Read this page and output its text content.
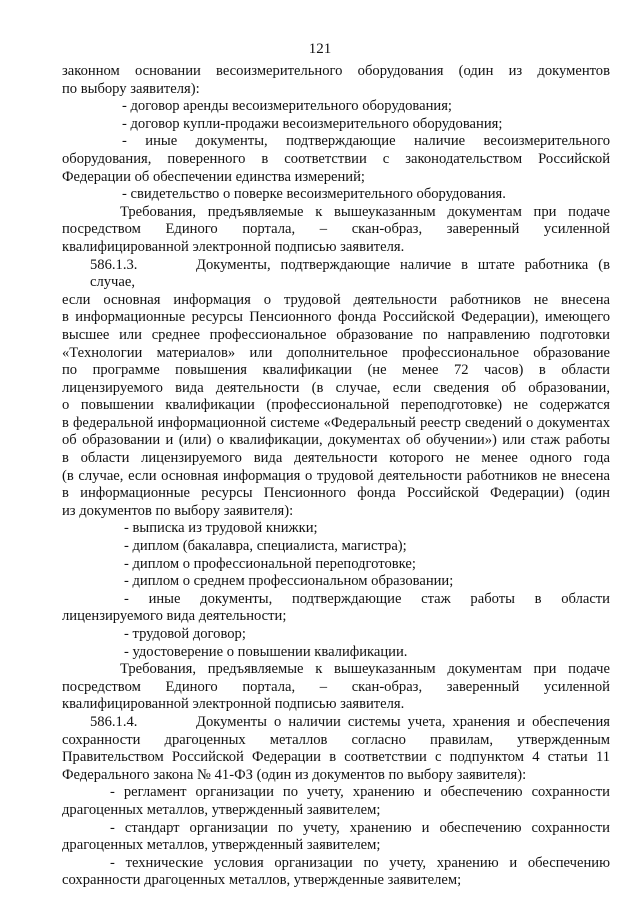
121
законном основании весоизмерительного оборудования (один из документов
по выбору заявителя):
- договор аренды весоизмерительного оборудования;
- договор купли-продажи весоизмерительного оборудования;
- иные документы, подтверждающие наличие весоизмерительного
оборудования, поверенного в соответствии с законодательством Российской
Федерации об обеспечении единства измерений;
- свидетельство о поверке весоизмерительного оборудования.
Требования, предъявляемые к вышеуказанным документам при подаче
посредством Единого портала, – скан-образ, заверенный усиленной
квалифицированной электронной подписью заявителя.
586.1.3.	Документы, подтверждающие наличие в штате работника (в случае,
если основная информация о трудовой деятельности работников не внесена
в информационные ресурсы Пенсионного фонда Российской Федерации), имеющего
высшее или среднее профессиональное образование по направлению подготовки
«Технологии материалов» или дополнительное профессиональное образование
по программе повышения квалификации (не менее 72 часов) в области
лицензируемого вида деятельности (в случае, если сведения об образовании,
о повышении квалификации (профессиональной переподготовке) не содержатся
в федеральной информационной системе «Федеральный реестр сведений о документах
об образовании и (или) о квалификации, документах об обучении») или стаж работы
в области лицензируемого вида деятельности которого не менее одного года
(в случае, если основная информация о трудовой деятельности работников не внесена
в информационные ресурсы Пенсионного фонда Российской Федерации) (один
из документов по выбору заявителя):
- выписка из трудовой книжки;
- диплом (бакалавра, специалиста, магистра);
- диплом о профессиональной переподготовке;
- диплом о среднем профессиональном образовании;
- иные документы, подтверждающие стаж работы в области
лицензируемого вида деятельности;
- трудовой договор;
- удостоверение о повышении квалификации.
Требования, предъявляемые к вышеуказанным документам при подаче
посредством Единого портала, – скан-образ, заверенный усиленной
квалифицированной электронной подписью заявителя.
586.1.4.	Документы о наличии системы учета, хранения и обеспечения
сохранности драгоценных металлов согласно правилам, утвержденным
Правительством Российской Федерации в соответствии с подпунктом 4 статьи 11
Федерального закона № 41-ФЗ (один из документов по выбору заявителя):
- регламент организации по учету, хранению и обеспечению сохранности
драгоценных металлов, утвержденный заявителем;
- стандарт организации по учету, хранению и обеспечению сохранности
драгоценных металлов, утвержденный заявителем;
- технические условия организации по учету, хранению и обеспечению
сохранности драгоценных металлов, утвержденные заявителем;
